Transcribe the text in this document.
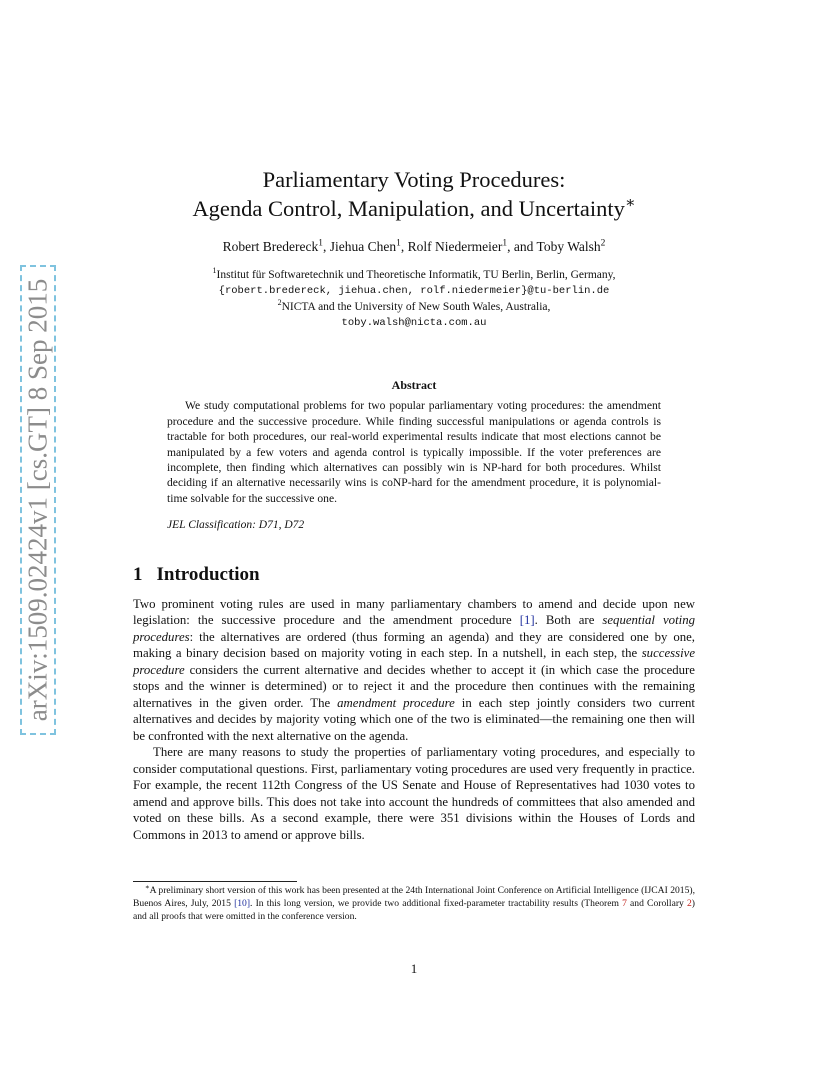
arXiv:1509.02424v1 [cs.GT] 8 Sep 2015
Parliamentary Voting Procedures:
Agenda Control, Manipulation, and Uncertainty∗
Robert Bredereck$^1$, Jiehua Chen$^1$, Rolf Niedermeier$^1$, and Toby Walsh$^2$
$^1$Institut für Softwaretechnik und Theoretische Informatik, TU Berlin, Berlin, Germany,
{robert.bredereck, jiehua.chen, rolf.niedermeier}@tu-berlin.de
$^2$NICTA and the University of New South Wales, Australia,
toby.walsh@nicta.com.au
Abstract

We study computational problems for two popular parliamentary voting procedures: the amendment procedure and the successive procedure. While finding successful manipulations or agenda controls is tractable for both procedures, our real-world experimental results indicate that most elections cannot be manipulated by a few voters and agenda control is typically impossible. If the voter preferences are incomplete, then finding which alternatives can possibly win is NP-hard for both procedures. Whilst deciding if an alternative necessarily wins is coNP-hard for the amendment procedure, it is polynomial-time solvable for the successive one.

JEL Classification: D71, D72
1 Introduction

Two prominent voting rules are used in many parliamentary chambers to amend and decide upon new legislation: the successive procedure and the amendment procedure [1]. Both are sequential voting procedures: the alternatives are ordered (thus forming an agenda) and they are considered one by one, making a binary decision based on majority voting in each step. In a nutshell, in each step, the successive procedure considers the current alternative and decides whether to accept it (in which case the procedure stops and the winner is determined) or to reject it and the procedure then continues with the remaining alternatives in the given order. The amendment procedure in each step jointly considers two current alternatives and decides by majority voting which one of the two is eliminated—the remaining one then will be confronted with the next alternative on the agenda.

There are many reasons to study the properties of parliamentary voting procedures, and especially to consider computational questions. First, parliamentary voting procedures are used very frequently in practice. For example, the recent 112th Congress of the US Senate and House of Representatives had 1030 votes to amend and approve bills. This does not take into account the hundreds of committees that also amended and voted on these bills. As a second example, there were 351 divisions within the Houses of Lords and Commons in 2013 to amend or approve bills.

∗A preliminary short version of this work has been presented at the 24th International Joint Conference on Artificial Intelligence (IJCAI 2015), Buenos Aires, July, 2015 [10]. In this long version, we provide two additional fixed-parameter tractability results (Theorem 7 and Corollary 2) and all proofs that were omitted in the conference version.

1
